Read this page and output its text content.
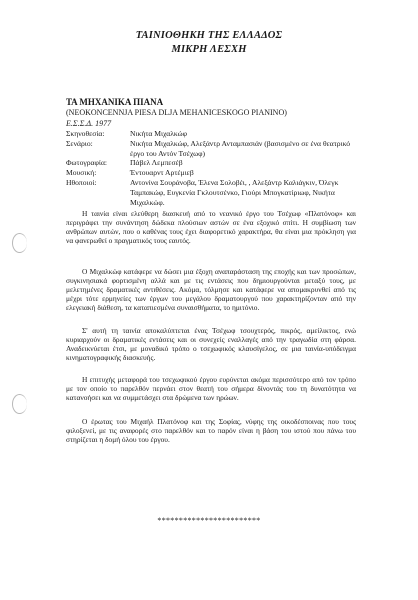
ΤΑΙΝΙΟΘΗΚΗ ΤΗΣ ΕΛΛΑΔΟΣ
ΜΙΚΡΗ ΛΕΣΧΗ
ΤΑ ΜΗΧΑΝΙΚΑ ΠΙΑΝΑ
(NEOKONCENNJA PIESA DLJA MEHANICESKOGO PIANINO)
Ε.Σ.Σ.Δ. 1977
Σκηνοθεσία:	Νικήτα Μιχαλκώφ
Σενάριο:	Νικήτα Μιχαλκώφ, Αλεξάντρ Ανταμπασιάν (βασισμένο σε ένα θεατρικό έργο του Αντόν Τσέχωφ)
Φωτογραφία:	Πάβελ Λεμπεσέβ
Μουσική:	Έντουαρντ Αρτέμιεβ
Ηθοποιοί:	Αντονίνα Σουράνοβα, Έλενα Σολοβέι, , Αλεξάντρ Καλιάγκιν, Όλεγκ Ταμπακώφ, Ευγκενία Γκλουτσένκο, Γιούρι Μπογκατίριωφ, Νικήτα Μιχαλκώφ.

Η ταινία είναι ελεύθερη διασκευή από το νεανικό έργο του Τσέχωφ «Πλατόνοφ» και περιγράφει την συνάντηση δώδεκα πλούσιων αστών σε ένα εξοχικό σπίτι. Η συμβίωση των ανθρώπων αυτών, που ο καθένας τους έχει διαφορετικό χαρακτήρα, θα είναι μια πρόκληση για να φανερωθεί ο πραγματικός τους εαυτός.

Ο Μιχαλκώφ κατάφερε να δώσει μια έξοχη αναπαράσταση της εποχής και των προσώπων, συγκινησιακά φορτισμένη αλλά και με τις εντάσεις που δημιουργούνται μεταξύ τους, με μελετημένες δραματικές αντιθέσεις. Ακόμα, τόλμησε και κατάφερε να απομακρυνθεί από τις μέχρι τότε ερμηνείες των έργων του μεγάλου δραματουργού που χαρακτηρίζονταν από την ελεγειακή διάθεση, τα καταπιεσμένα συναισθήματα, το ημιτόνιο.

Σ' αυτή τη ταινία αποκαλύπτεται ένας Τσέχωφ τσουχτερός, πικρός, αμείλικτος, ενώ κυριαρχούν οι δραματικές εντάσεις και οι συνεχείς εναλλαγές από την τραγωδία στη φάρσα. Αναδεικνύεται έτσι, με μοναδικό τρόπο ο τσεχωφικός κλαυσίγελος, σε μια ταινία-υπόδειγμα κινηματογραφικής διασκευής.

Η επιτυχής μεταφορά του τσεχωφικού έργου ευρύνεται ακόμα περισσότερο από τον τρόπο με τον οποίο το παρελθόν περνάει στον θεατή του σήμερα δίνοντάς του τη δυνατότητα να κατανοήσει και να συμμετάσχει στα δρώμενα των ηρώων.

Ο έρωτας του Μιχαήλ Πλατόνοφ και της Σοφίας, νύφης της οικοδέσποινας που τους φιλοξενεί, με τις αναφορές στο παρελθόν και το παρόν είναι η βάση του ιστού που πάνω του στηρίζεται η δομή όλου του έργου.

************************
